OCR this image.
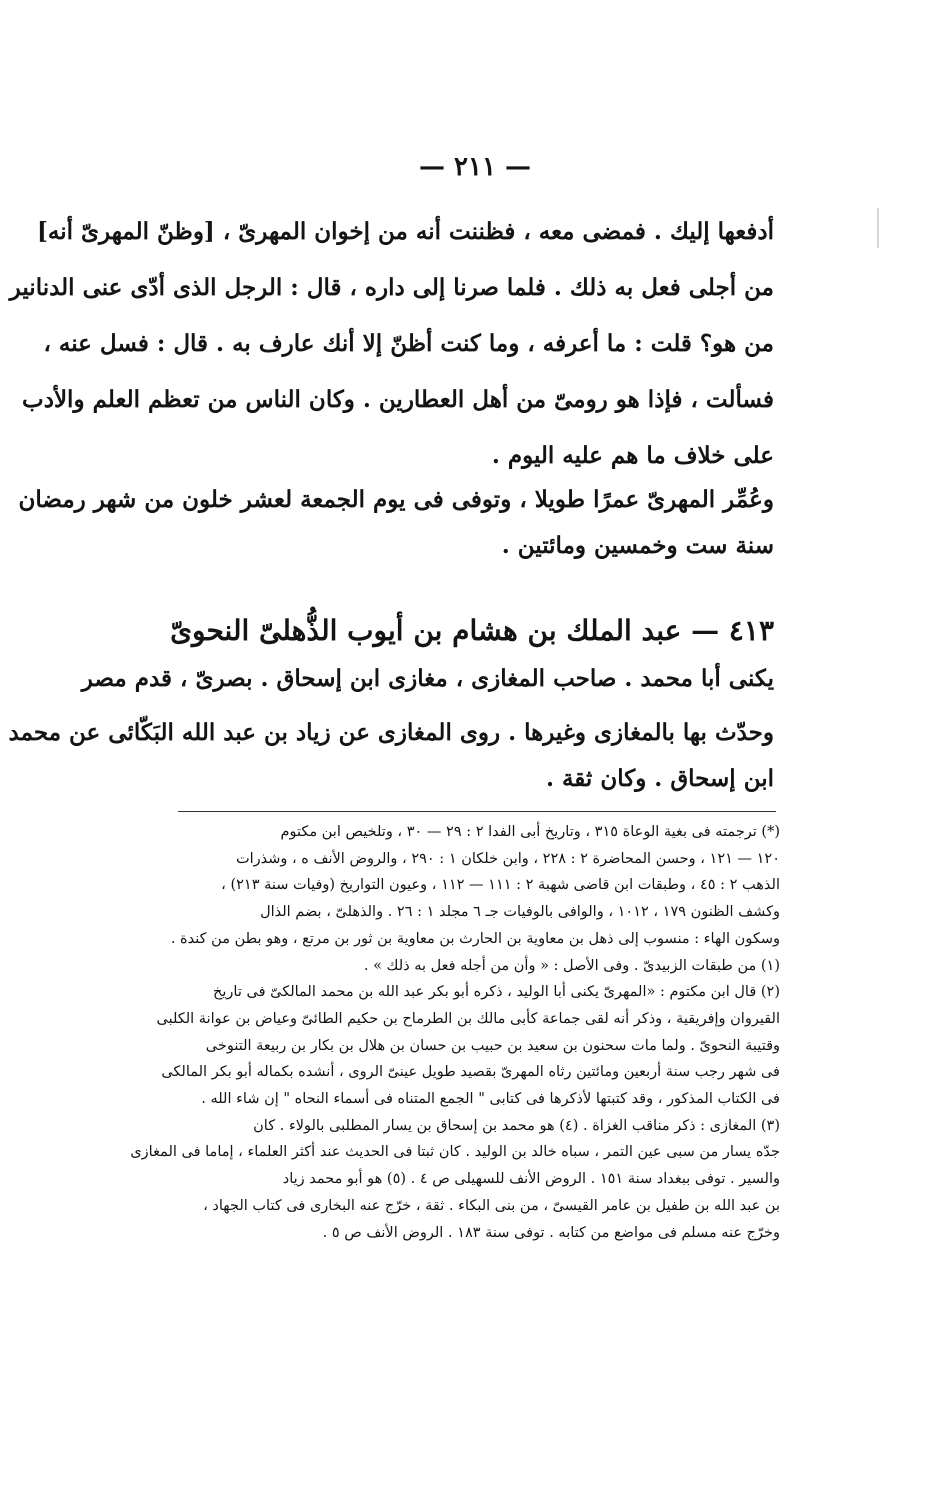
— ٢١١ —
أدفعها إليك . فمضى معه ، فظننت أنه من إخوان المهرىّ ، [وظنّ المهرىّ أنه]
من أجلى فعل به ذلك . فلما صرنا إلى داره ، قال : الرجل الذى أدّى عنى الدنانير
من هو؟ قلت : ما أعرفه ، وما كنت أظنّ إلا أنك عارف به . قال : فسل عنه ،
فسألت ، فإذا هو رومىّ من أهل العطارين . وكان الناس من تعظم العلم والأدب
على خلاف ما هم عليه اليوم .
وعُمِّر المهرىّ عمرًا طويلا ، وتوفى فى يوم الجمعة لعشر خلون من شهر رمضان
سنة ست وخمسين ومائتين .
٤١٣ — عبد الملك بن هشام بن أيوب الذُّهلىّ النحوىّ
يكنى أبا محمد . صاحب المغازى ، مغازى ابن إسحاق . بصرىّ ، قدم مصر
وحدّث بها بالمغازى وغيرها . روى المغازى عن زياد بن عبد الله البَكّائى عن محمد
ابن إسحاق . وكان ثقة .
(*) ترجمته فى بغية الوعاة ٣١٥ ، وتاريخ أبى الفدا ٢ : ٢٩ — ٣٠ ، وتلخيص ابن مكتوم
١٢٠ — ١٢١ ، وحسن المحاضرة ٢ : ٢٢٨ ، وابن خلكان ١ : ٢٩٠ ، والروض الأنف ه ، وشذرات
الذهب ٢ : ٤٥ ، وطبقات ابن قاضى شهبة ٢ : ١١١ — ١١٢ ، وعيون التواريخ (وفيات سنة ٢١٣) ،
وكشف الظنون ١٧٩ ، ١٠١٢ ، والوافى بالوفيات جـ ٦ مجلد ١ : ٢٦ . والذهلىّ ، بضم الذال
وسكون الهاء : منسوب إلى ذهل بن معاوية بن الحارث بن معاوية بن ثور بن مرتع ، وهو بطن من كندة .
(١) من طبقات الزبيدىّ . وفى الأصل : « وأن من أجله فعل به ذلك » .
(٢) قال ابن مكتوم : «المهرىّ يكنى أبا الوليد ، ذكره أبو بكر عبد الله بن محمد المالكىّ فى تاريخ
القيروان وإفريقية ، وذكر أنه لقى جماعة كأبى مالك بن الطرماح بن حكيم الطائىّ وعياض بن عوانة الكلبى
وقتيبة النحوىّ . ولما مات سحنون بن سعيد بن حبيب بن حسان بن هلال بن بكار بن ربيعة التنوخى
فى شهر رجب سنة أربعين ومائتين رثاه المهرىّ بقصيد طويل عينىّ الروى ، أنشده بكماله أبو بكر المالكى
فى الكتاب المذكور ، وقد كتبتها لأذكرها فى كتابى " الجمع المتناه فى أسماء النحاه " إن شاء الله .
(٣) المغازى : ذكر مناقب الغزاة . (٤) هو محمد بن إسحاق بن يسار المطلبى بالولاء . كان
جدّه يسار من سبى عين التمر ، سباه خالد بن الوليد . كان ثبتا فى الحديث عند أكثر العلماء ، إماما فى المغازى
والسير . توفى ببغداد سنة ١٥١ . الروض الأنف للسهيلى ص ٤ . (٥) هو أبو محمد زياد
بن عبد الله بن طفيل بن عامر القيسىّ ، من بنى البكاء . ثقة ، خرّج عنه البخارى فى كتاب الجهاد ،
وخرّج عنه مسلم فى مواضع من كتابه . توفى سنة ١٨٣ . الروض الأنف ص ٥ .
